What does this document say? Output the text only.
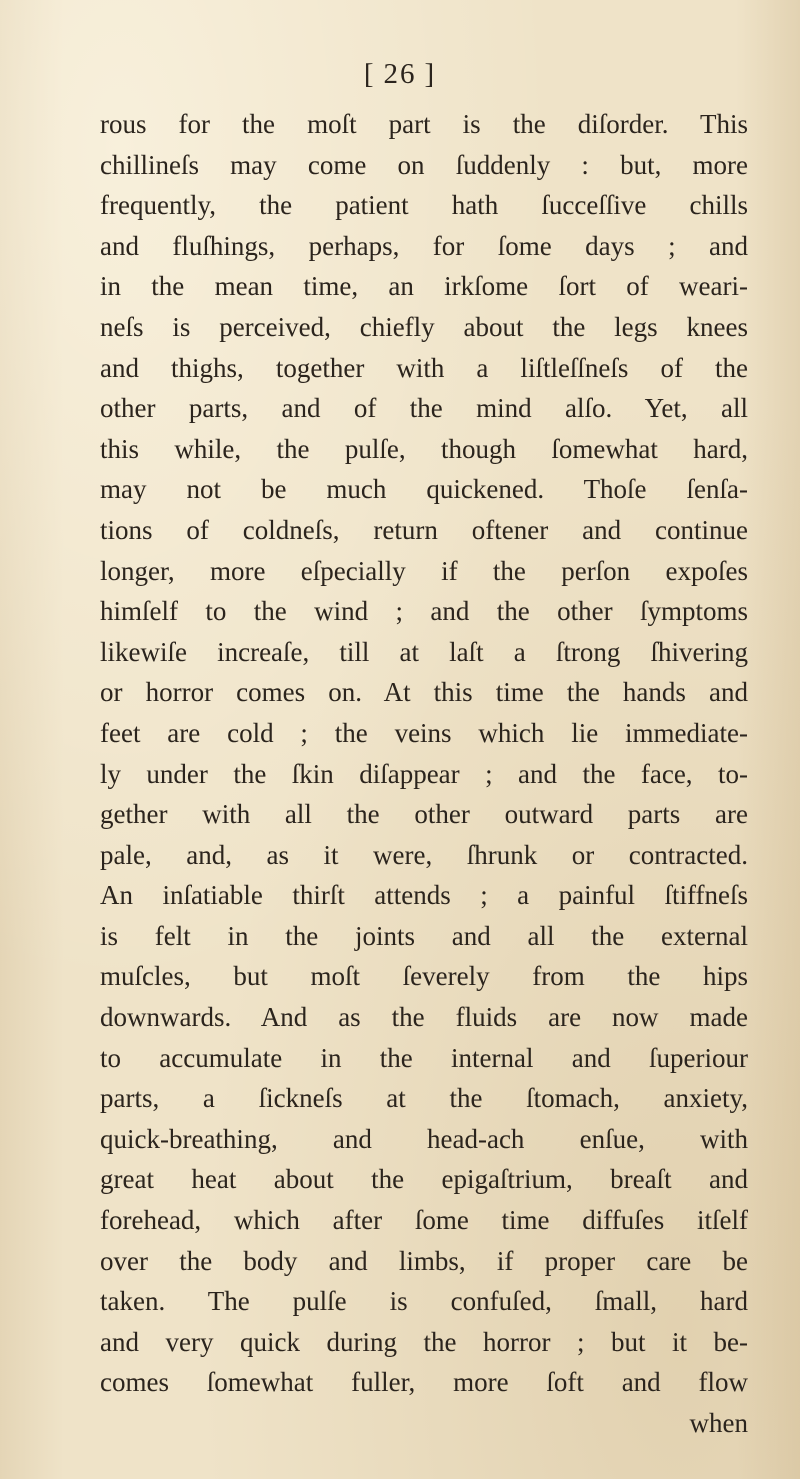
[ 26 ]
rous for the moſt part is the diſorder. This
chillineſs may come on ſuddenly : but, more
frequently, the patient hath ſucceſſive chills
and fluſhings, perhaps, for ſome days ; and
in the mean time, an irkſome ſort of weari-
neſs is perceived, chiefly about the legs knees
and thighs, together with a liſtleſſneſs of the
other parts, and of the mind alſo. Yet, all
this while, the pulſe, though ſomewhat hard,
may not be much quickened. Thoſe ſenſa-
tions of coldneſs, return oftener and continue
longer, more eſpecially if the perſon expoſes
himſelf to the wind ; and the other ſymptoms
likewiſe increaſe, till at laſt a ſtrong ſhivering
or horror comes on. At this time the hands and
feet are cold ; the veins which lie immediate-
ly under the ſkin diſappear ; and the face, to-
gether with all the other outward parts are
pale, and, as it were, ſhrunk or contracted.
An inſatiable thirſt attends ; a painful ſtiffneſs
is felt in the joints and all the external
muſcles, but moſt ſeverely from the hips
downwards. And as the fluids are now made
to accumulate in the internal and ſuperiour
parts, a ſickneſs at the ſtomach, anxiety,
quick-breathing, and head-ach enſue, with
great heat about the epigaſtrium, breaſt and
forehead, which after ſome time diffuſes itſelf
over the body and limbs, if proper care be
taken. The pulſe is confuſed, ſmall, hard
and very quick during the horror ; but it be-
comes ſomewhat fuller, more ſoft and flow
when
